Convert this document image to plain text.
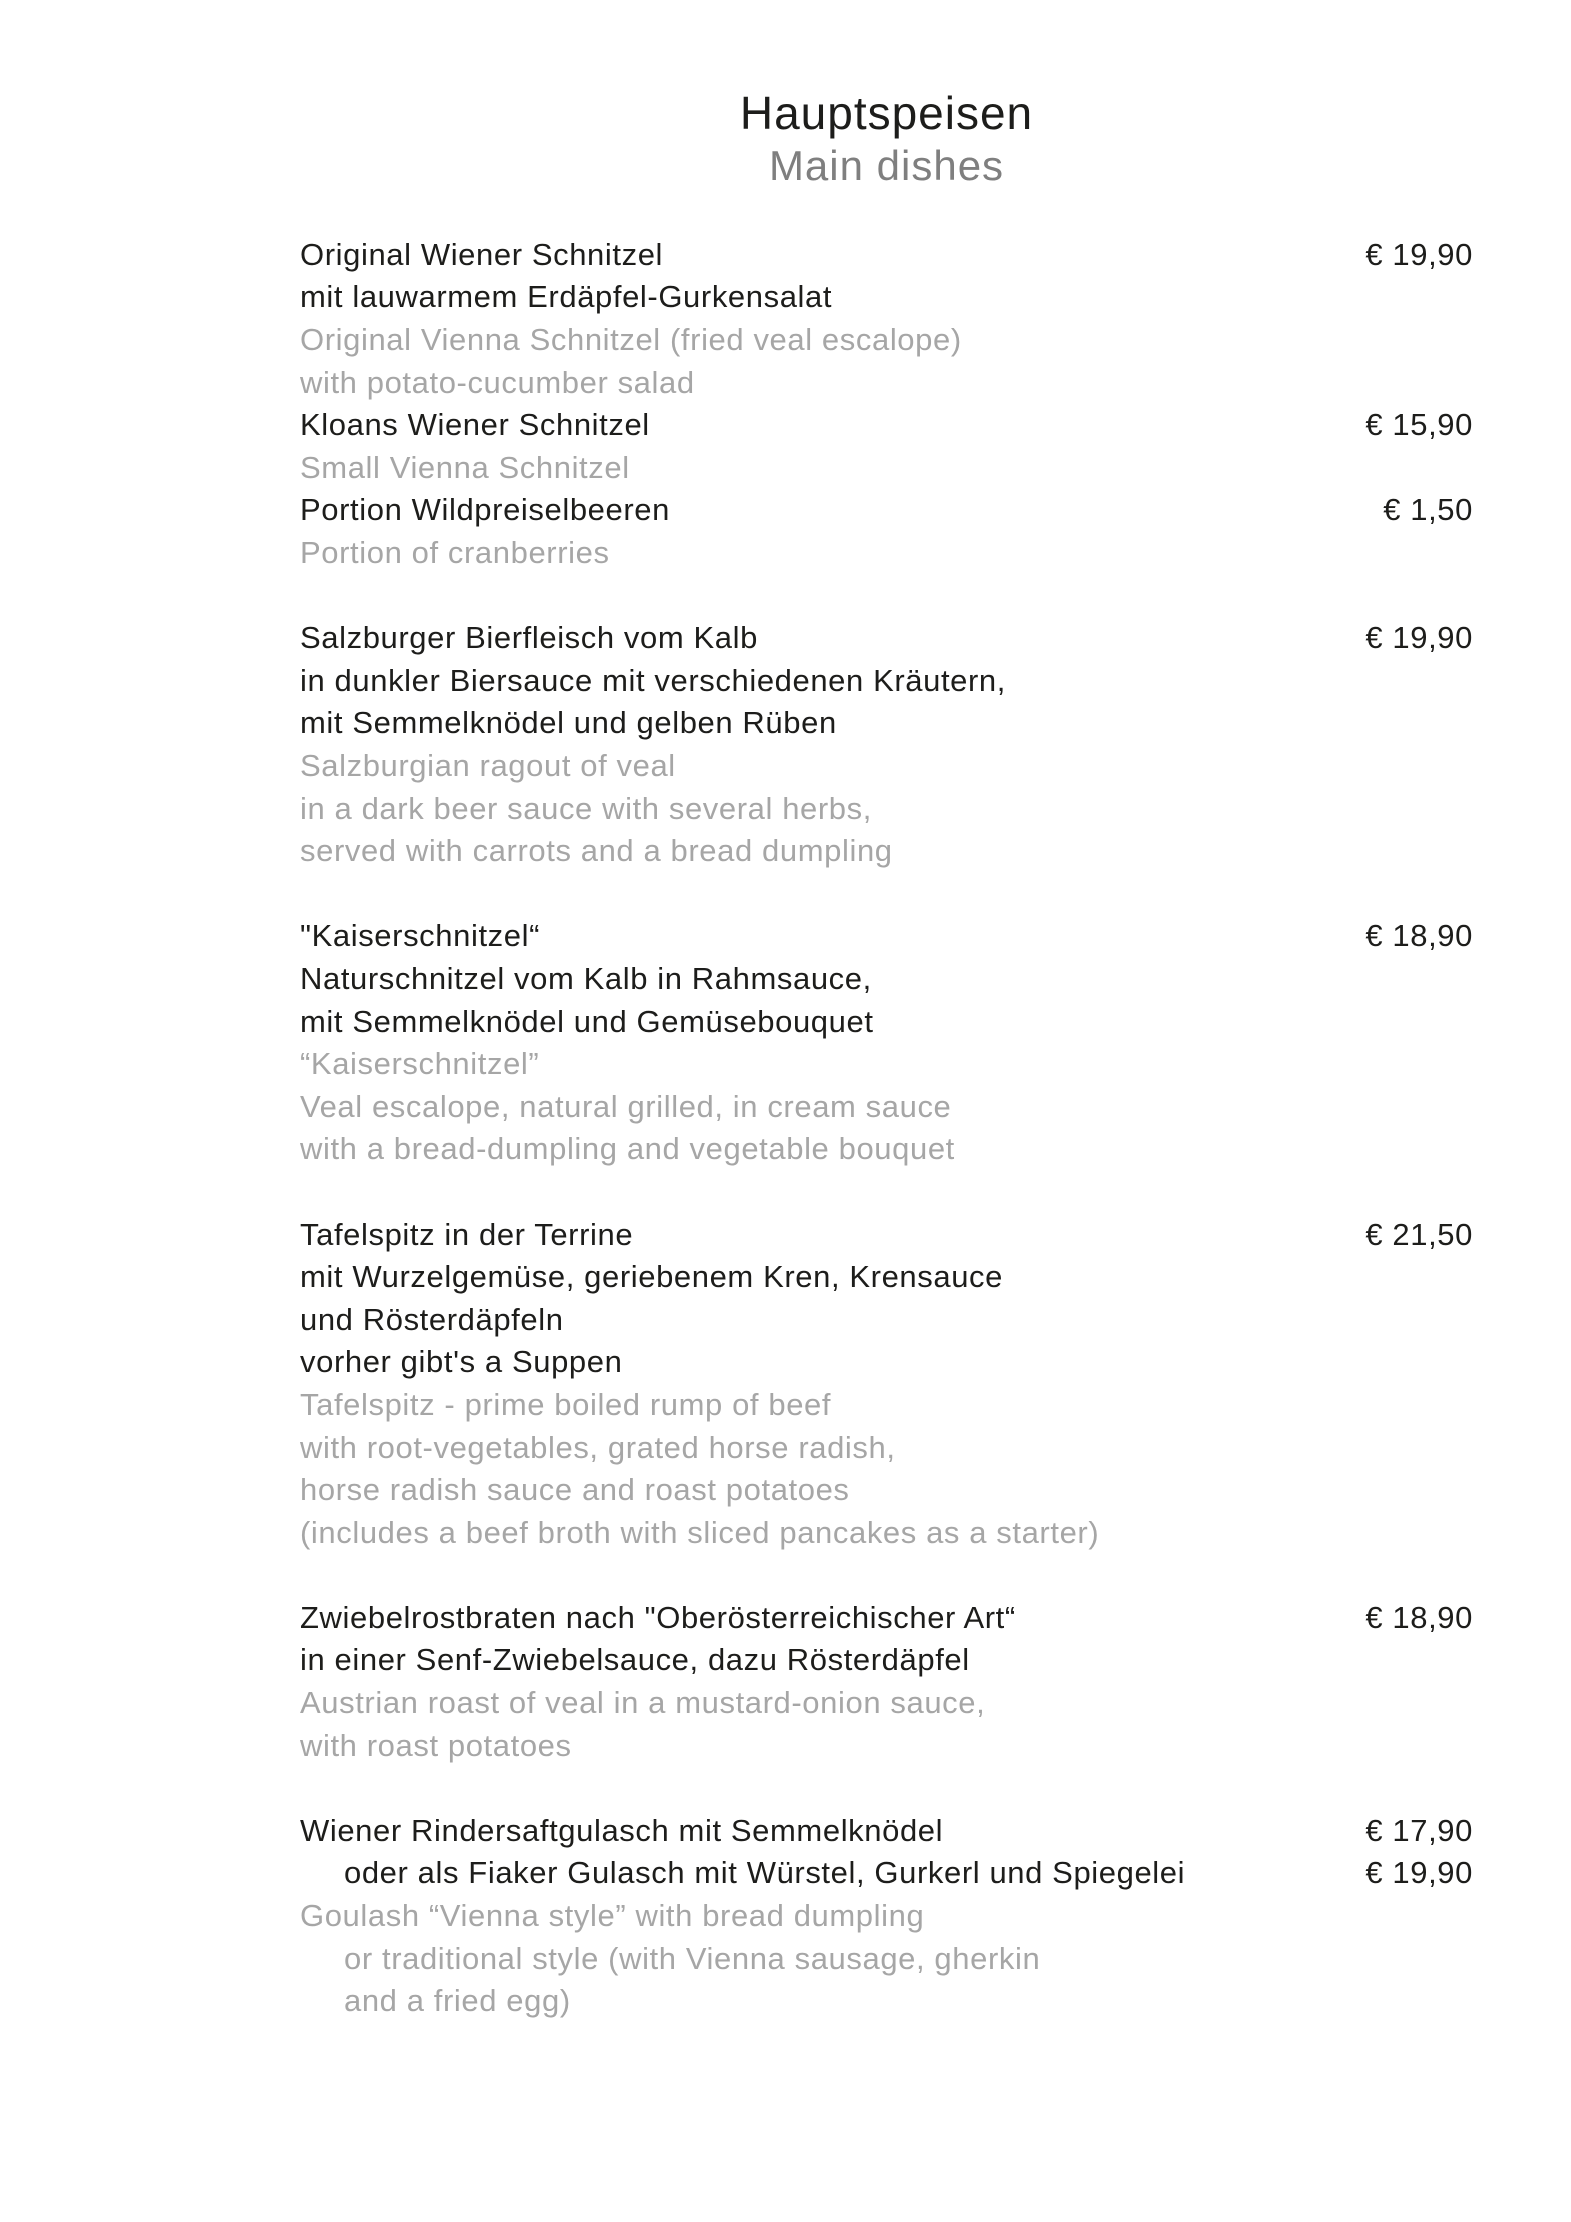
Hauptspeisen
Main dishes
Original Wiener Schnitzel	€ 19,90
mit lauwarmem Erdäpfel-Gurkensalat
Original Vienna Schnitzel (fried veal escalope)
with potato-cucumber salad
Kloans Wiener Schnitzel	€ 15,90
Small Vienna Schnitzel
Portion Wildpreiselbeeren	€ 1,50
Portion of cranberries
Salzburger Bierfleisch vom Kalb	€ 19,90
in dunkler Biersauce mit verschiedenen Kräutern,
mit Semmelknödel und gelben Rüben
Salzburgian ragout of veal
in a dark beer sauce with several herbs,
served with carrots and a bread dumpling
"Kaiserschnitzel“	€ 18,90
Naturschnitzel vom Kalb in Rahmsauce,
mit Semmelknödel und Gemüsebouquet
“Kaiserschnitzel”
Veal escalope, natural grilled, in cream sauce
with a bread-dumpling and vegetable bouquet
Tafelspitz in der Terrine	€ 21,50
mit Wurzelgemüse, geriebenem Kren, Krensauce
und Rösterdäpfeln
vorher gibt's a Suppen
Tafelspitz - prime boiled rump of beef
with root-vegetables, grated horse radish,
horse radish sauce and roast potatoes
(includes a beef broth with sliced pancakes as a starter)
Zwiebelrostbraten nach "Oberösterreichischer Art“	€ 18,90
in einer Senf-Zwiebelsauce, dazu Rösterdäpfel
Austrian roast of veal in a mustard-onion sauce,
with roast potatoes
Wiener Rindersaftgulasch mit Semmelknödel	€ 17,90
oder als Fiaker Gulasch mit Würstel, Gurkerl und Spiegelei	€ 19,90
Goulash “Vienna style” with bread dumpling
or traditional style (with Vienna sausage, gherkin
and a fried egg)
